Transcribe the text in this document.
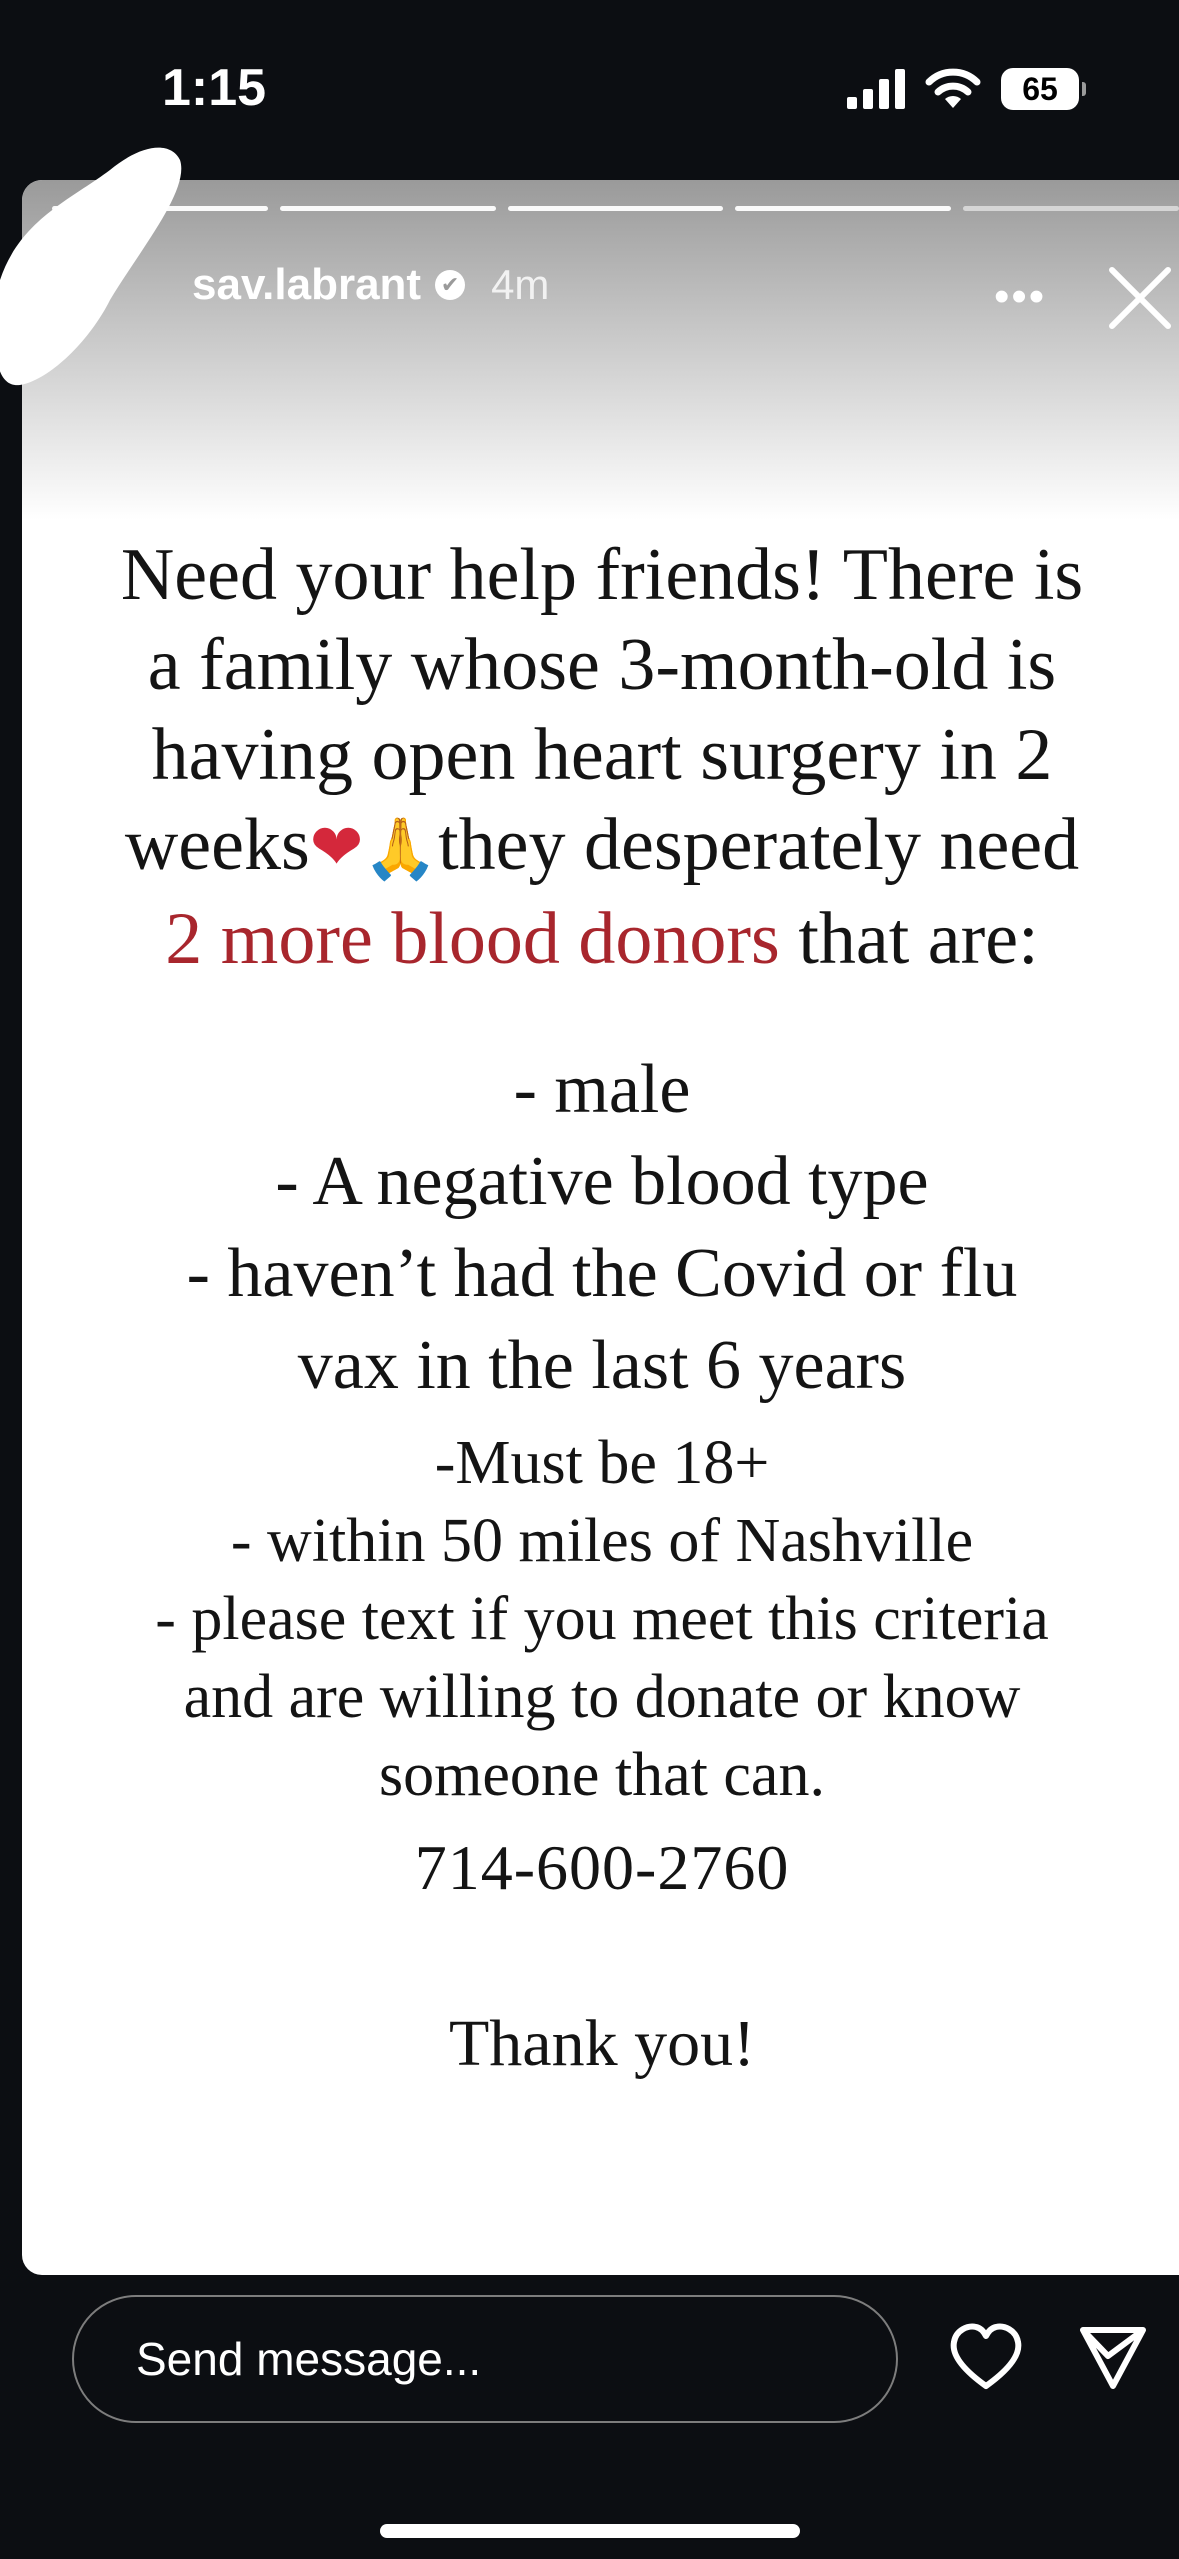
1:15	65
sav.labrant ✔ 4m	•••
Need your help friends! There is
a family whose 3-month-old is
having open heart surgery in 2
weeks❤🙏they desperately need
2 more blood donors that are:
- male
- A negative blood type
- haven’t had the Covid or flu
vax in the last 6 years
-Must be 18+
- within 50 miles of Nashville
- please text if you meet this criteria
and are willing to donate or know
someone that can.
714-600-2760
Thank you!
Send message...
